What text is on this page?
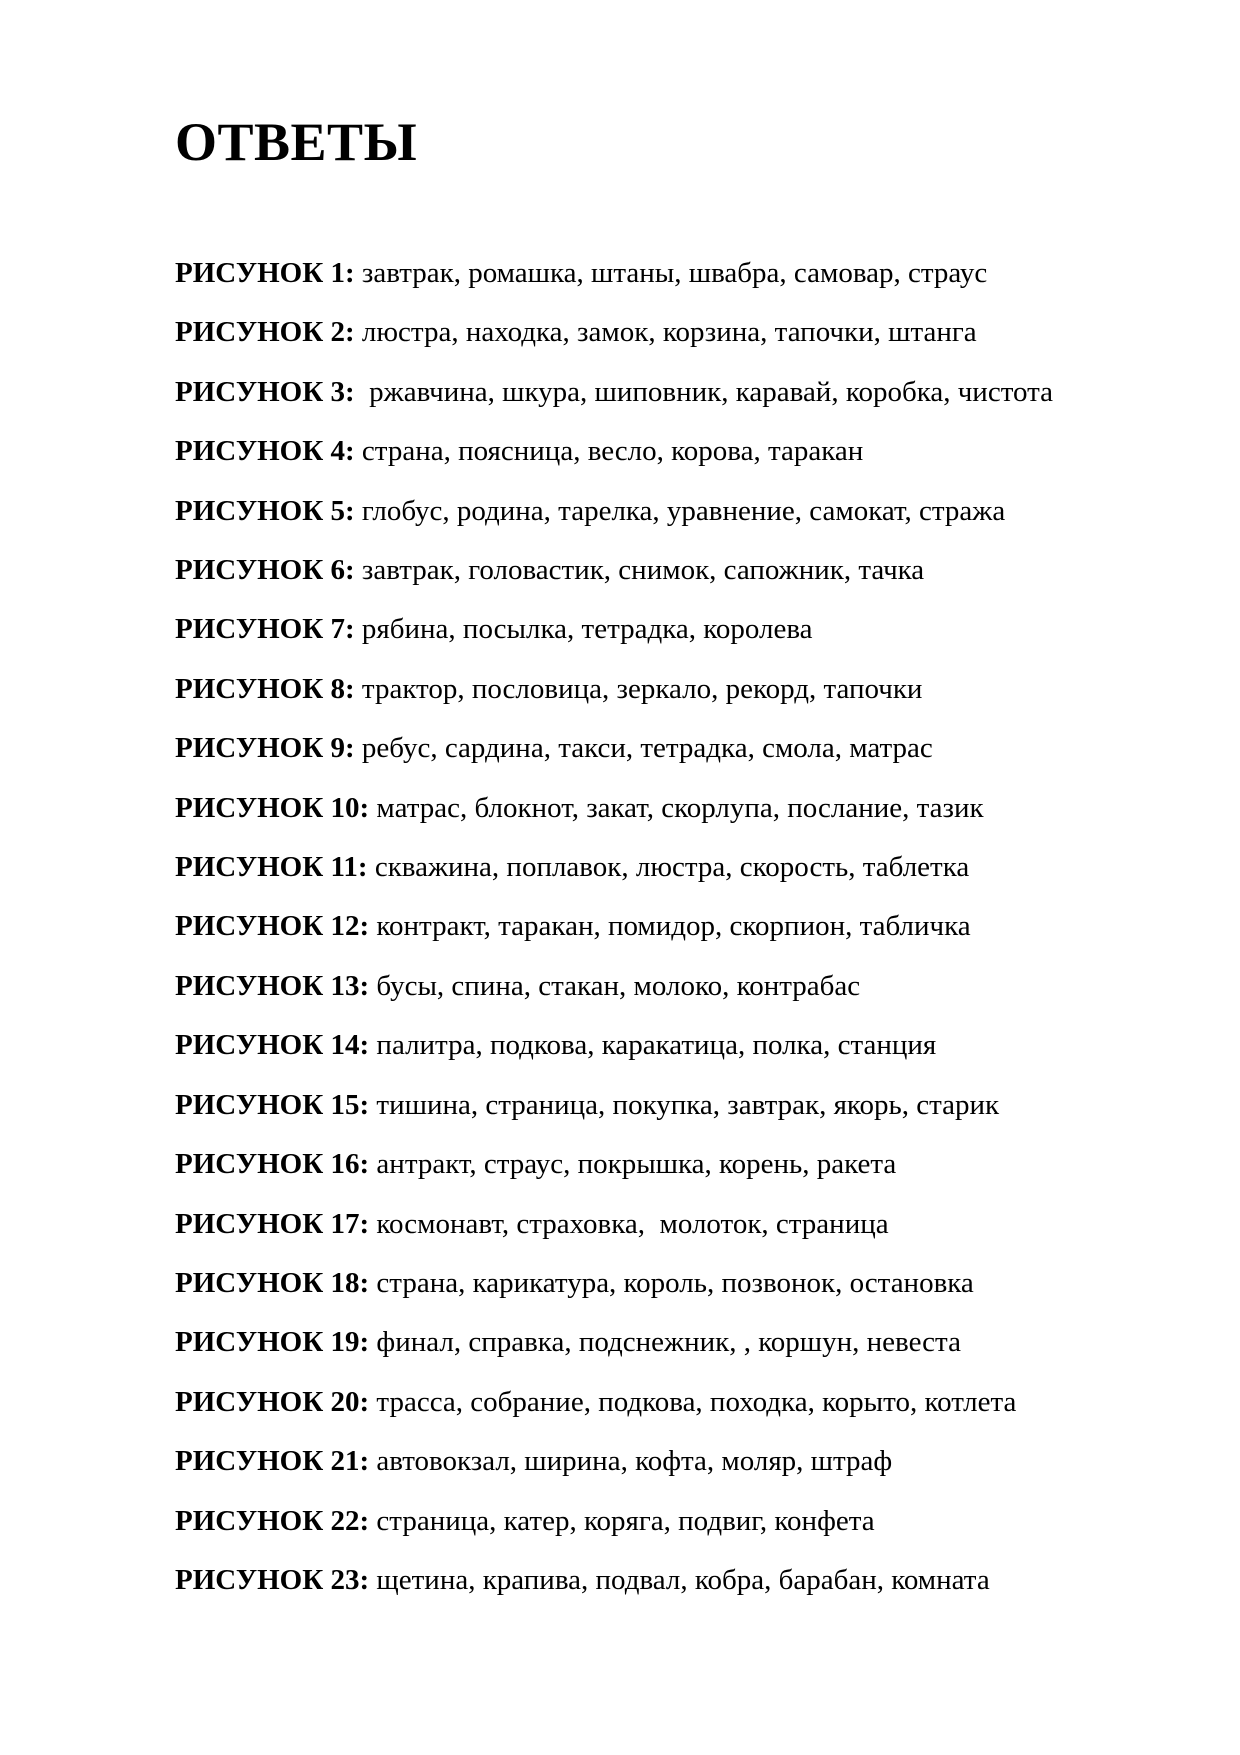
ОТВЕТЫ
РИСУНОК 1: завтрак, ромашка, штаны, швабра, самовар, страус
РИСУНОК 2: люстра, находка, замок, корзина, тапочки, штанга
РИСУНОК 3:  ржавчина, шкура, шиповник, каравай, коробка, чистота
РИСУНОК 4: страна, поясница, весло, корова, таракан
РИСУНОК 5: глобус, родина, тарелка, уравнение, самокат, стража
РИСУНОК 6: завтрак, головастик, снимок, сапожник, тачка
РИСУНОК 7: рябина, посылка, тетрадка, королева
РИСУНОК 8: трактор, пословица, зеркало, рекорд, тапочки
РИСУНОК 9: ребус, сардина, такси, тетрадка, смола, матрас
РИСУНОК 10: матрас, блокнот, закат, скорлупа, послание, тазик
РИСУНОК 11: скважина, поплавок, люстра, скорость, таблетка
РИСУНОК 12: контракт, таракан, помидор, скорпион, табличка
РИСУНОК 13: бусы, спина, стакан, молоко, контрабас
РИСУНОК 14: палитра, подкова, каракатица, полка, станция
РИСУНОК 15: тишина, страница, покупка, завтрак, якорь, старик
РИСУНОК 16: антракт, страус, покрышка, корень, ракета
РИСУНОК 17: космонавт, страховка,  молоток, страница
РИСУНОК 18: страна, карикатура, король, позвонок, остановка
РИСУНОК 19: финал, справка, подснежник, , коршун, невеста
РИСУНОК 20: трасса, собрание, подкова, походка, корыто, котлета
РИСУНОК 21: автовокзал, ширина, кофта, моляр, штраф
РИСУНОК 22: страница, катер, коряга, подвиг, конфета
РИСУНОК 23: щетина, крапива, подвал, кобра, барабан, комната
